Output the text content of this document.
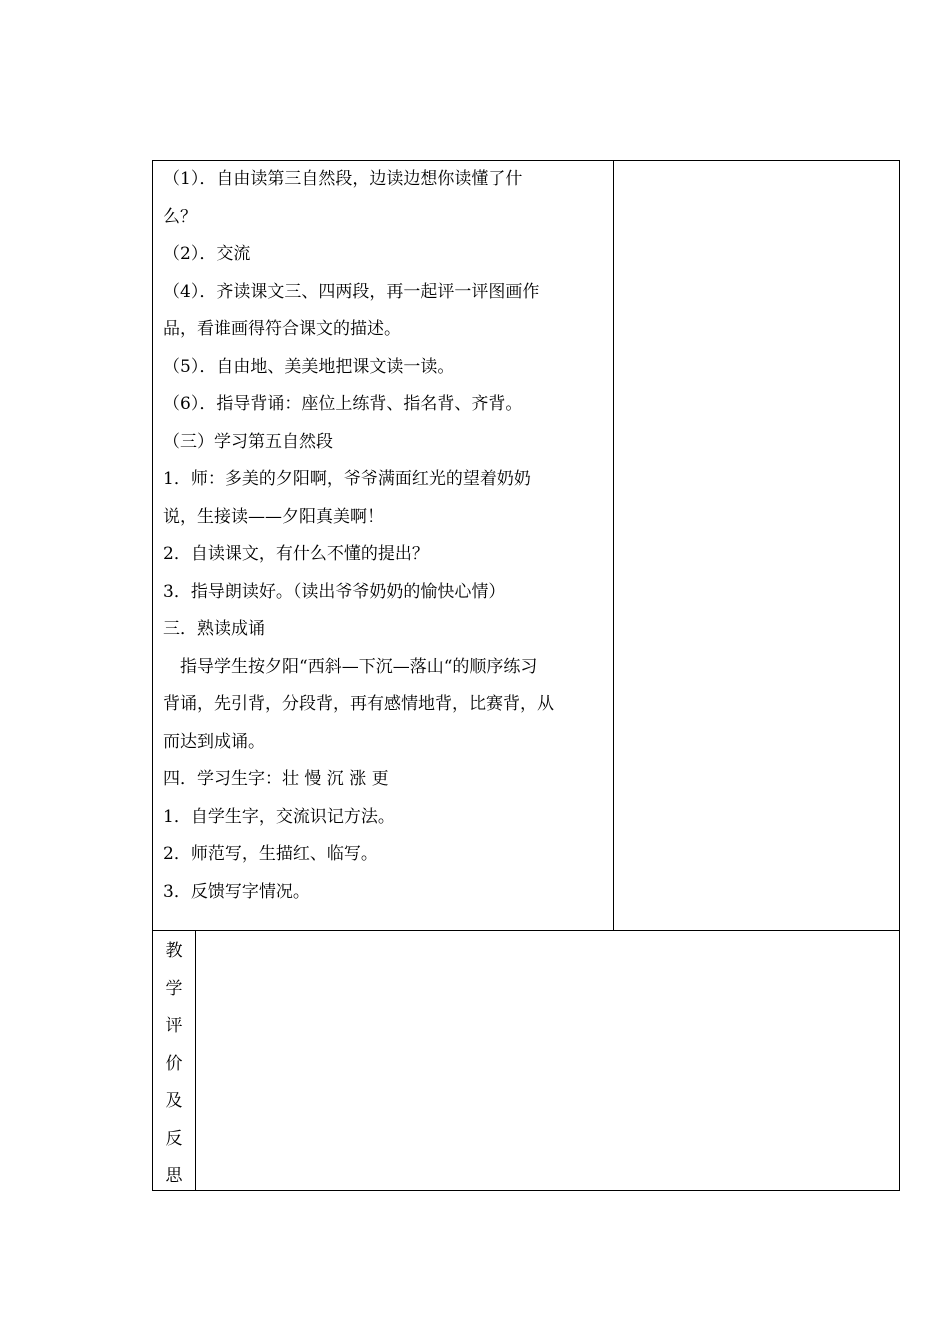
（1）．自由读第三自然段，边读边想你读懂了什
么？
（2）．交流
（4）．齐读课文三、四两段，再一起评一评图画作
品，看谁画得符合课文的描述。
（5）．自由地、美美地把课文读一读。
（6）．指导背诵：座位上练背、指名背、齐背。
（三）学习第五自然段
1．师：多美的夕阳啊，爷爷满面红光的望着奶奶
说，生接读——夕阳真美啊！
2．自读课文，有什么不懂的提出？
3．指导朗读好。（读出爷爷奶奶的愉快心情）
三．熟读成诵
指导学生按夕阳“西斜—下沉—落山“的顺序练习
背诵，先引背，分段背，再有感情地背，比赛背，从
而达到成诵。
四．学习生字：壮 慢 沉 涨 更
1．自学生字，交流识记方法。
2．师范写，生描红、临写。
3．反馈写字情况。
教
学
评
价
及
反
思
